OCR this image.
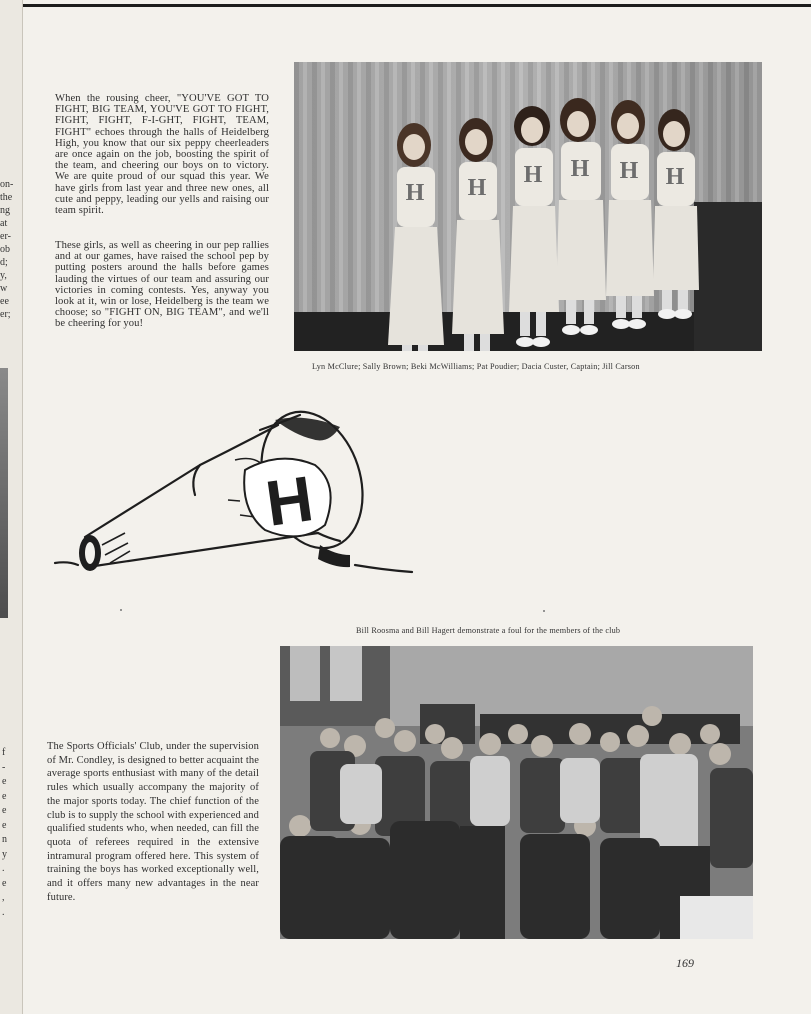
on-
the
ng
at
er-
ob
d;
y,
w
ee
er;
f
-
e
e
e
e
n
y
.
e
,
.

When the rousing cheer, "YOU'VE GOT TO FIGHT, BIG TEAM, YOU'VE GOT TO FIGHT, FIGHT, FIGHT, F-I-GHT, FIGHT, TEAM, FIGHT" echoes through the halls of Heidelberg High, you know that our six peppy cheerleaders are once again on the job, boosting the spirit of the team, and cheering our boys on to victory. We are quite proud of our squad this year. We have girls from last year and three new ones, all cute and peppy, leading our yells and raising our team spirit.

These girls, as well as cheering in our pep rallies and at our games, have raised the school pep by putting posters around the halls before games lauding the virtues of our team and assuring our victories in coming contests. Yes, anyway you look at it, win or lose, Heidelberg is the team we choose; so "FIGHT ON, BIG TEAM", and we'll be cheering for you!

H H H H H H
Lyn McClure; Sally Brown; Beki McWilliams; Pat Poudier; Dacia Custer, Captain; Jill Carson
H
Bill Roosma and Bill Hagert demonstrate a foul for the members of the club

The Sports Officials' Club, under the supervision of Mr. Condley, is designed to better acquaint the average sports enthusiast with many of the detail rules which usually accompany the majority of the major sports today. The chief function of the club is to supply the school with experienced and qualified students who, when needed, can fill the quota of referees required in the extensive intramural program offered here. This system of training the boys has worked exceptionally well, and it offers many new advantages in the near future.

169
